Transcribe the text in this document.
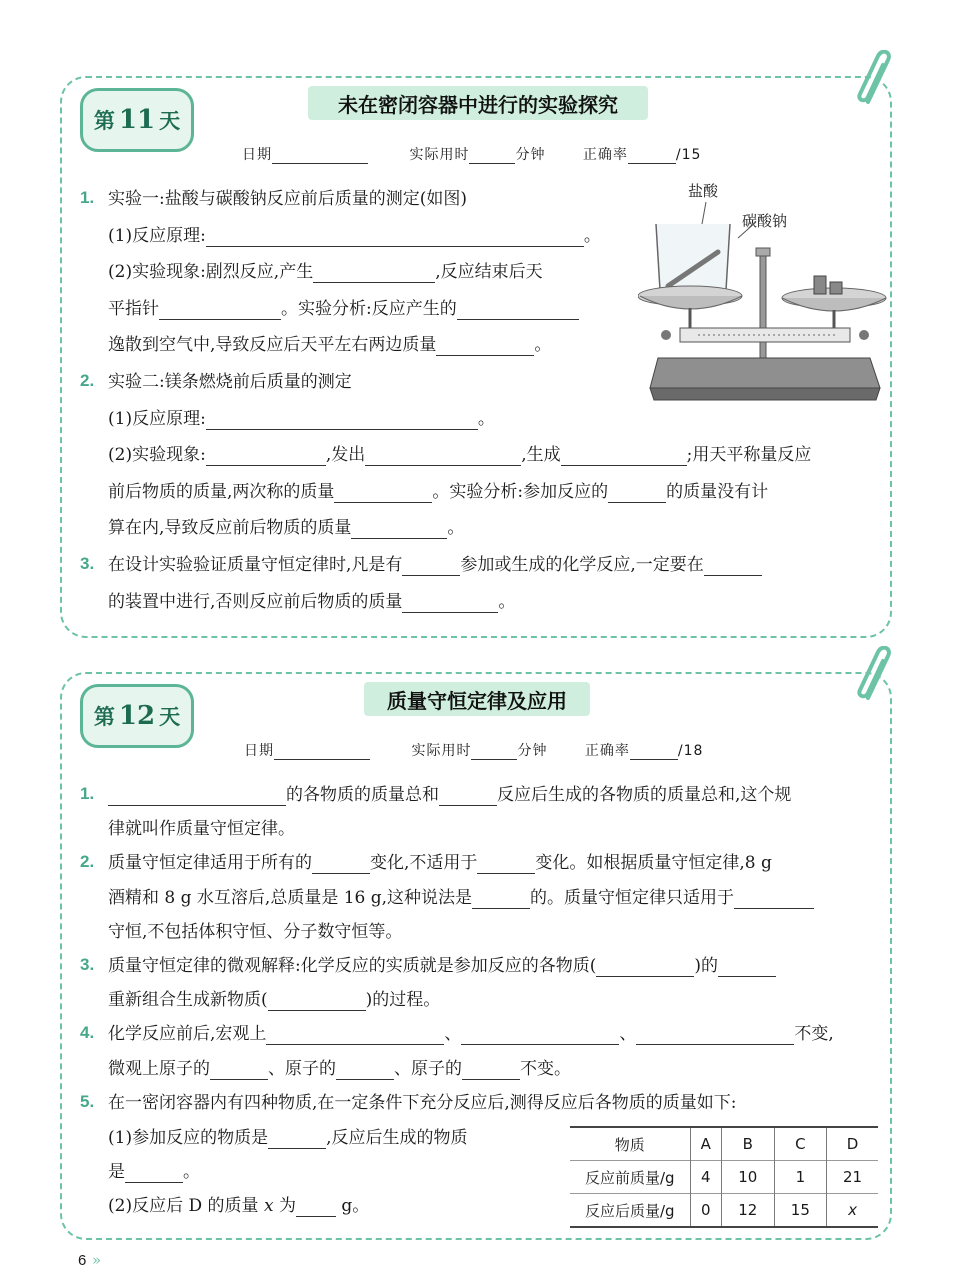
第 11 天
未在密闭容器中进行的实验探究
日期	实际用时	分钟	正确率	/15
盐酸
碳酸钠
1. 实验一:盐酸与碳酸钠反应前后质量的测定(如图)
(1)反应原理:	。
(2)实验现象:剧烈反应,产生	,反应结束后天
平指针	。实验分析:反应产生的
逸散到空气中,导致反应后天平左右两边质量	。
2. 实验二:镁条燃烧前后质量的测定
(1)反应原理:	。
(2)实验现象:	,发出	,生成	;用天平称量反应
前后物质的质量,两次称的质量	。实验分析:参加反应的	的质量没有计
算在内,导致反应前后物质的质量	。
3. 在设计实验验证质量守恒定律时,凡是有	参加或生成的化学反应,一定要在
的装置中进行,否则反应前后物质的质量	。
第 12 天
质量守恒定律及应用
日期	实际用时	分钟	正确率	/18
1.	的各物质的质量总和	反应后生成的各物质的质量总和,这个规
律就叫作质量守恒定律。
2. 质量守恒定律适用于所有的	变化,不适用于	变化。如根据质量守恒定律,8 g
酒精和 8 g 水互溶后,总质量是 16 g,这种说法是	的。质量守恒定律只适用于
守恒,不包括体积守恒、分子数守恒等。
3. 质量守恒定律的微观解释:化学反应的实质就是参加反应的各物质(	)的
重新组合生成新物质(	)的过程。
4. 化学反应前后,宏观上	、	、	不变,
微观上原子的	、原子的	、原子的	不变。
5. 在一密闭容器内有四种物质,在一定条件下充分反应后,测得反应后各物质的质量如下:
(1)参加反应的物质是	,反应后生成的物质
是	。
(2)反应后 D 的质量 x 为	g。
物质	A	B	C	D
反应前质量/g	4	10	1	21
反应后质量/g	0	12	15	x
6 »
